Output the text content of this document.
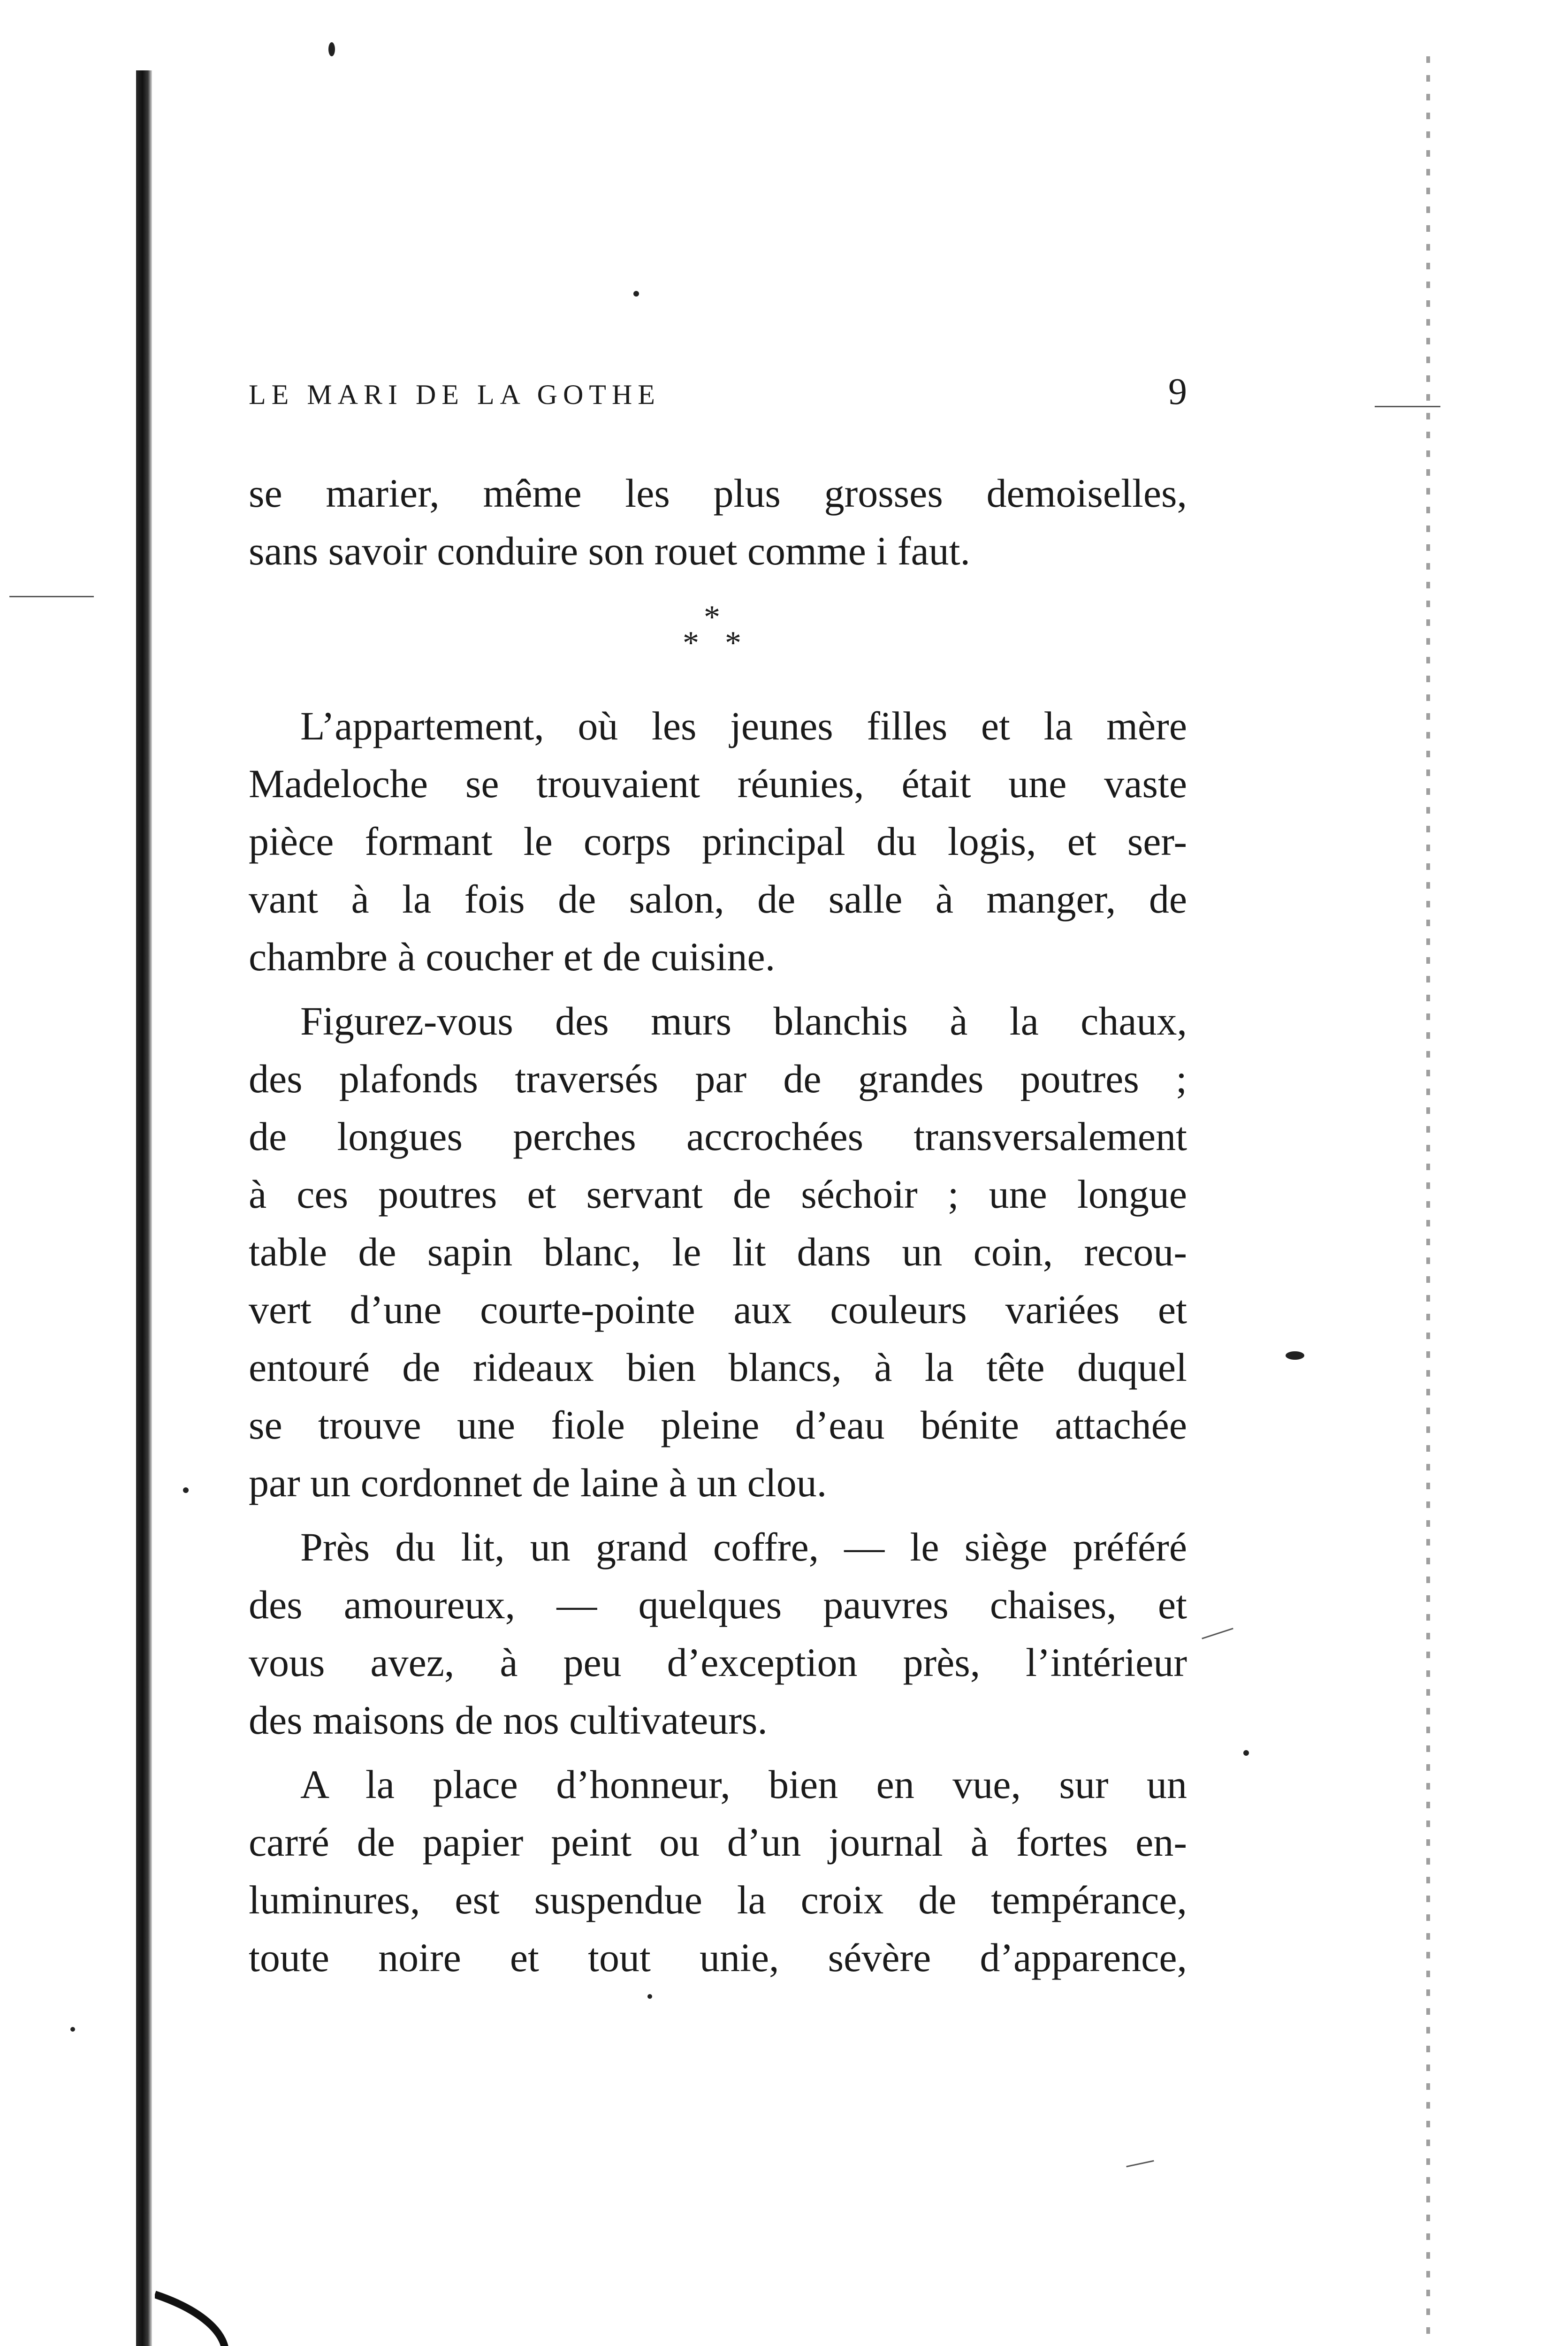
LE MARI DE LA GOTHE	9
se marier, même les plus grosses demoiselles,
sans savoir conduire son rouet comme i faut.
*
* *
L’appartement, où les jeunes filles et la mère
Madeloche se trouvaient réunies, était une vaste
pièce formant le corps principal du logis, et ser-
vant à la fois de salon, de salle à manger, de
chambre à coucher et de cuisine.
Figurez-vous des murs blanchis à la chaux,
des plafonds traversés par de grandes poutres ;
de longues perches accrochées transversalement
à ces poutres et servant de séchoir ; une longue
table de sapin blanc, le lit dans un coin, recou-
vert d’une courte-pointe aux couleurs variées et
entouré de rideaux bien blancs, à la tête duquel
se trouve une fiole pleine d’eau bénite attachée
par un cordonnet de laine à un clou.
Près du lit, un grand coffre, — le siège préféré
des amoureux, — quelques pauvres chaises, et
vous avez, à peu d’exception près, l’intérieur
des maisons de nos cultivateurs.
A la place d’honneur, bien en vue, sur un
carré de papier peint ou d’un journal à fortes en-
luminures, est suspendue la croix de tempérance,
toute noire et tout unie, sévère d’apparence,
